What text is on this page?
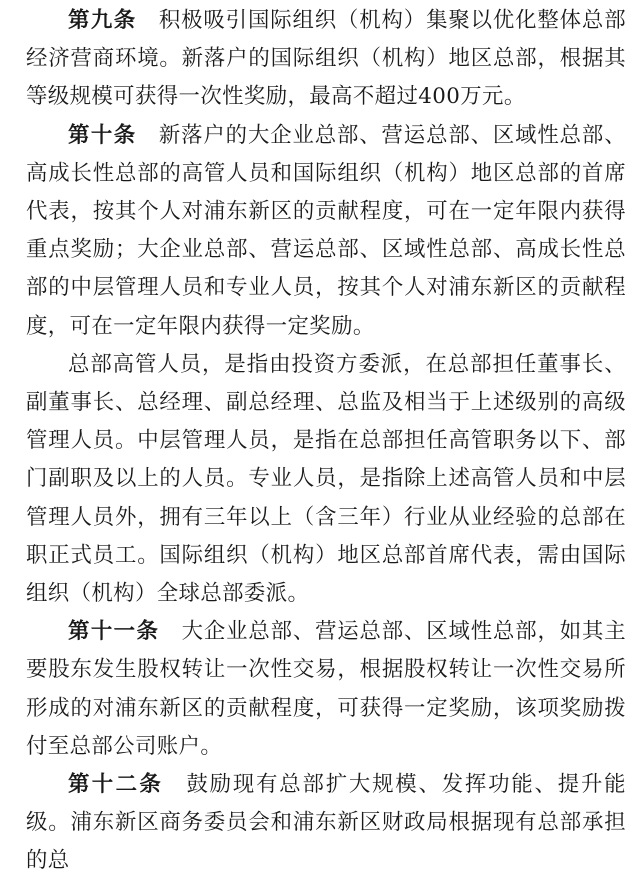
第九条　积极吸引国际组织（机构）集聚以优化整体总部经济营商环境。新落户的国际组织（机构）地区总部，根据其等级规模可获得一次性奖励，最高不超过400万元。

第十条　新落户的大企业总部、营运总部、区域性总部、高成长性总部的高管人员和国际组织（机构）地区总部的首席代表，按其个人对浦东新区的贡献程度，可在一定年限内获得重点奖励；大企业总部、营运总部、区域性总部、高成长性总部的中层管理人员和专业人员，按其个人对浦东新区的贡献程度，可在一定年限内获得一定奖励。

总部高管人员，是指由投资方委派，在总部担任董事长、副董事长、总经理、副总经理、总监及相当于上述级别的高级管理人员。中层管理人员，是指在总部担任高管职务以下、部门副职及以上的人员。专业人员，是指除上述高管人员和中层管理人员外，拥有三年以上（含三年）行业从业经验的总部在职正式员工。国际组织（机构）地区总部首席代表，需由国际组织（机构）全球总部委派。

第十一条　大企业总部、营运总部、区域性总部，如其主要股东发生股权转让一次性交易，根据股权转让一次性交易所形成的对浦东新区的贡献程度，可获得一定奖励，该项奖励拨付至总部公司账户。

第十二条　鼓励现有总部扩大规模、发挥功能、提升能级。浦东新区商务委员会和浦东新区财政局根据现有总部承担的总
